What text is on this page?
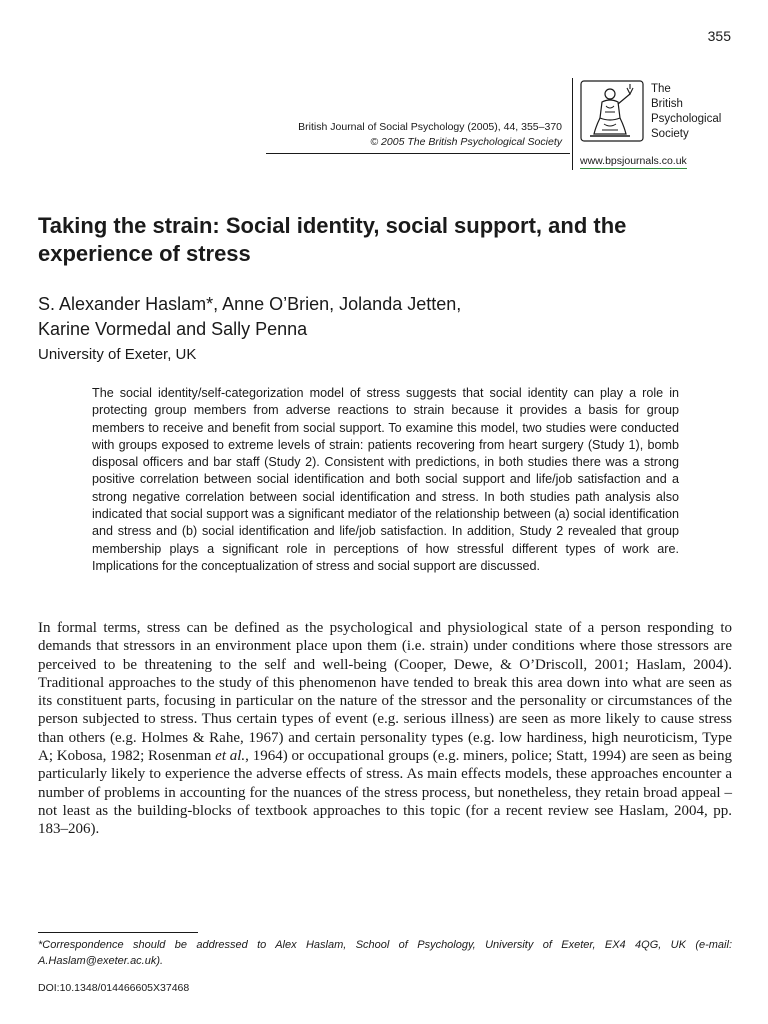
355
British Journal of Social Psychology (2005), 44, 355–370
© 2005 The British Psychological Society
The
British
Psychological
Society
www.bpsjournals.co.uk
Taking the strain: Social identity, social support, and the experience of stress
S. Alexander Haslam*, Anne O’Brien, Jolanda Jetten,
Karine Vormedal and Sally Penna
University of Exeter, UK

The social identity/self-categorization model of stress suggests that social identity can play a role in protecting group members from adverse reactions to strain because it provides a basis for group members to receive and benefit from social support. To examine this model, two studies were conducted with groups exposed to extreme levels of strain: patients recovering from heart surgery (Study 1), bomb disposal officers and bar staff (Study 2). Consistent with predictions, in both studies there was a strong positive correlation between social identification and both social support and life/job satisfaction and a strong negative correlation between social identification and stress. In both studies path analysis also indicated that social support was a significant mediator of the relationship between (a) social identification and stress and (b) social identification and life/job satisfaction. In addition, Study 2 revealed that group membership plays a significant role in perceptions of how stressful different types of work are. Implications for the conceptualization of stress and social support are discussed.

In formal terms, stress can be defined as the psychological and physiological state of a person responding to demands that stressors in an environment place upon them (i.e. strain) under conditions where those stressors are perceived to be threatening to the self and well-being (Cooper, Dewe, & O’Driscoll, 2001; Haslam, 2004). Traditional approaches to the study of this phenomenon have tended to break this area down into what are seen as its constituent parts, focusing in particular on the nature of the stressor and the personality or circumstances of the person subjected to stress. Thus certain types of event (e.g. serious illness) are seen as more likely to cause stress than others (e.g. Holmes & Rahe, 1967) and certain personality types (e.g. low hardiness, high neuroticism, Type A; Kobosa, 1982; Rosenman et al., 1964) or occupational groups (e.g. miners, police; Statt, 1994) are seen as being particularly likely to experience the adverse effects of stress. As main effects models, these approaches encounter a number of problems in accounting for the nuances of the stress process, but nonetheless, they retain broad appeal – not least as the building-blocks of textbook approaches to this topic (for a recent review see Haslam, 2004, pp. 183–206).

*Correspondence should be addressed to Alex Haslam, School of Psychology, University of Exeter, EX4 4QG, UK (e-mail: A.Haslam@exeter.ac.uk).

DOI:10.1348/014466605X37468
